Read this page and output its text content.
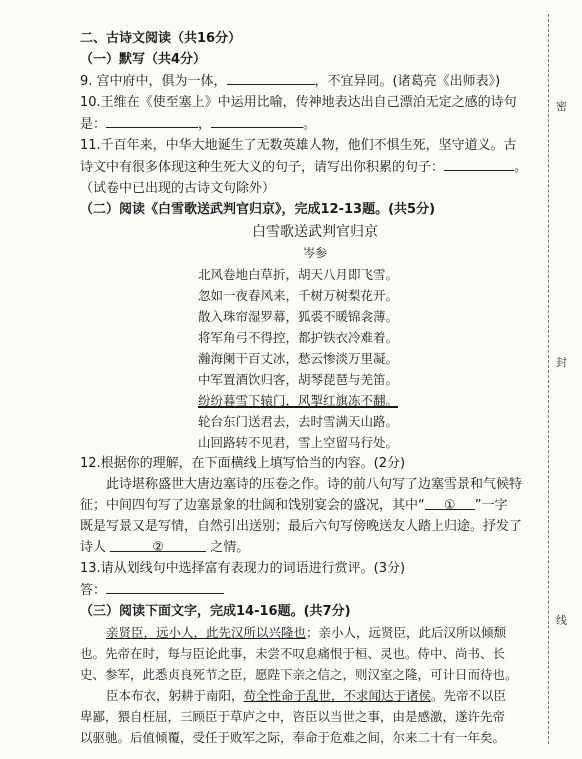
二、古诗文阅读（共16分）
（一）默写（共4分）
9. 宫中府中，俱为一体，	，不宜异同。(诸葛亮《出师表》)
10.王维在《使至塞上》中运用比喻，传神地表达出自己漂泊无定之感的诗句
是：	，	。
11.千百年来，中华大地诞生了无数英雄人物，他们不惧生死，坚守道义。古
诗文中有很多体现这种生死大义的句子，请写出你积累的句子：	。
（试卷中已出现的古诗文句除外）
（二）阅读《白雪歌送武判官归京》，完成12-13题。(共5分)
白雪歌送武判官归京
岑参
北风卷地白草折，胡天八月即飞雪。
忽如一夜春风来，千树万树梨花开。
散入珠帘湿罗幕，狐裘不暖锦衾薄。
将军角弓不得控，都护铁衣冷难着。
瀚海阑干百丈冰，愁云惨淡万里凝。
中军置酒饮归客，胡琴琵琶与羌笛。
纷纷暮雪下辕门，风掣红旗冻不翻。
轮台东门送君去，去时雪满天山路。
山回路转不见君，雪上空留马行处。
12.根据你的理解，在下面横线上填写恰当的内容。(2分)
此诗堪称盛世大唐边塞诗的压卷之作。诗的前八句写了边塞雪景和气候特
征；中间四句写了边塞景象的壮阔和饯别宴会的盛况，其中“ ① ”一字
既是写景又是写情，自然引出送别；最后六句写傍晚送友人踏上归途。抒发了
诗人	②	之情。
13.请从划线句中选择富有表现力的词语进行赏评。(3分)
答：
（三）阅读下面文字，完成14-16题。(共7分)
亲贤臣，远小人，此先汉所以兴隆也；亲小人，远贤臣，此后汉所以倾颓
也。先帝在时，每与臣论此事，未尝不叹息痛恨于桓、灵也。侍中、尚书、长
史、参军，此悉贞良死节之臣，愿陛下亲之信之，则汉室之隆，可计日而待也。
臣本布衣，躬耕于南阳，苟全性命于乱世，不求闻达于诸侯。先帝不以臣
卑鄙，猥自枉屈，三顾臣于草庐之中，咨臣以当世之事，由是感激，遂许先帝
以驱驰。后值倾覆，受任于败军之际，奉命于危难之间，尔来二十有一年矣。
密
封
线
